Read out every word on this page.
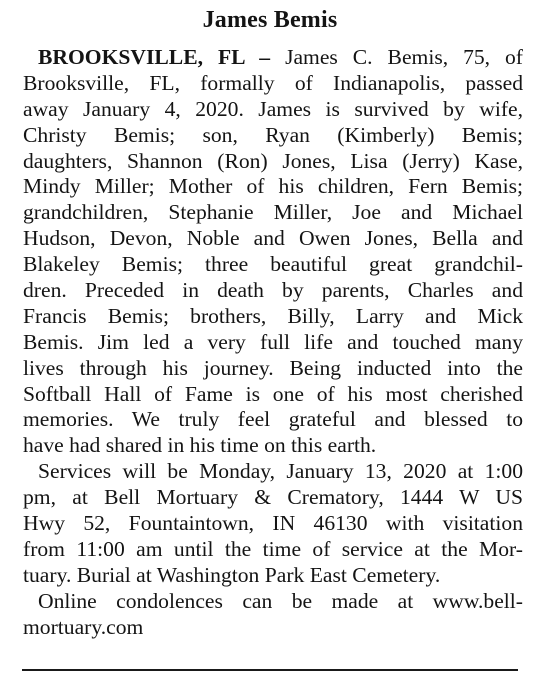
James Bemis
BROOKSVILLE, FL – James C. Bemis, 75, of
Brooksville, FL, formally of Indianapolis, passed
away January 4, 2020. James is survived by wife,
Christy Bemis; son, Ryan (Kimberly) Bemis;
daughters, Shannon (Ron) Jones, Lisa (Jerry) Kase,
Mindy Miller; Mother of his children, Fern Bemis;
grandchildren, Stephanie Miller, Joe and Michael
Hudson, Devon, Noble and Owen Jones, Bella and
Blakeley Bemis; three beautiful great grandchil-
dren. Preceded in death by parents, Charles and
Francis Bemis; brothers, Billy, Larry and Mick
Bemis. Jim led a very full life and touched many
lives through his journey. Being inducted into the
Softball Hall of Fame is one of his most cherished
memories. We truly feel grateful and blessed to
have had shared in his time on this earth.
Services will be Monday, January 13, 2020 at 1:00
pm, at Bell Mortuary & Crematory, 1444 W US
Hwy 52, Fountaintown, IN 46130 with visitation
from 11:00 am until the time of service at the Mor-
tuary. Burial at Washington Park East Cemetery.
Online condolences can be made at www.bell-
mortuary.com
